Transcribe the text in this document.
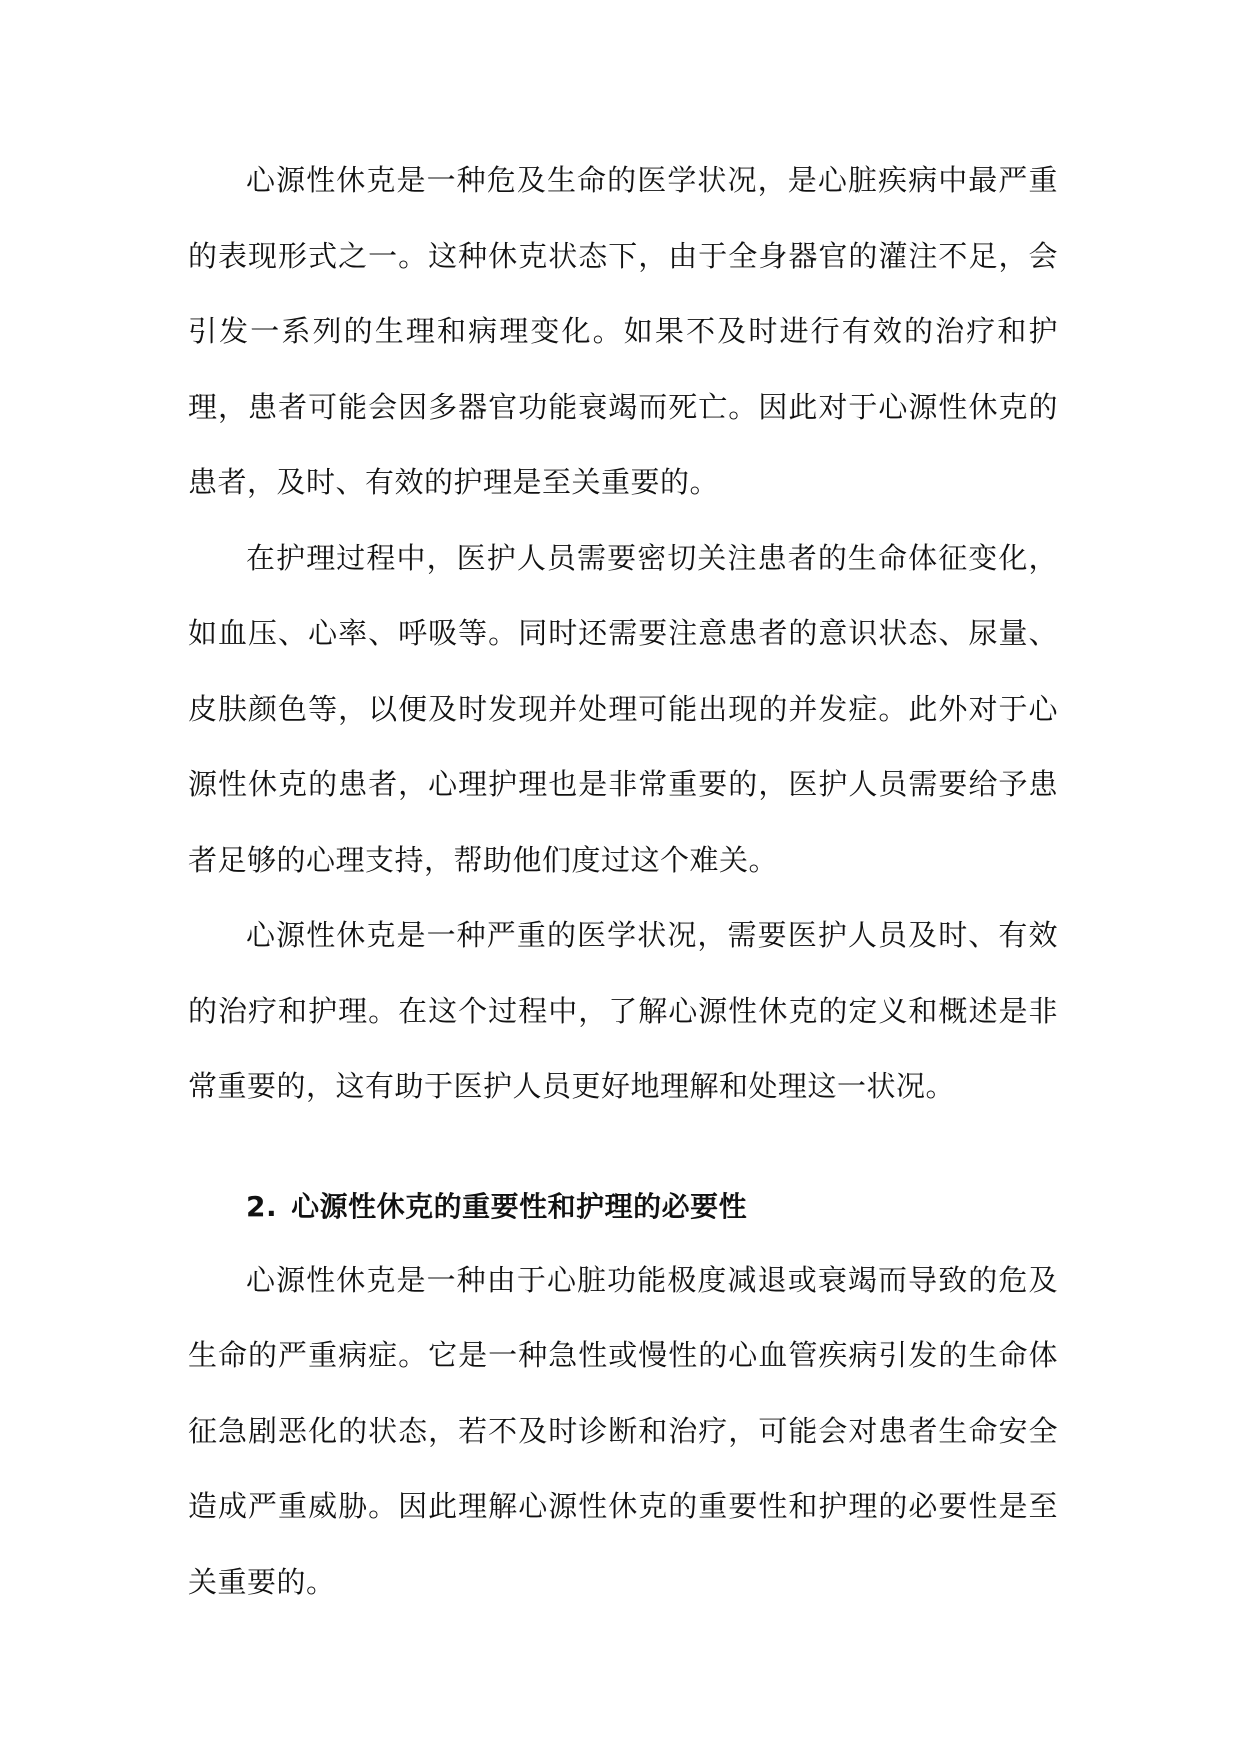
心源性休克是一种危及生命的医学状况，是心脏疾病中最严重的表现形式之一。这种休克状态下，由于全身器官的灌注不足，会引发一系列的生理和病理变化。如果不及时进行有效的治疗和护理，患者可能会因多器官功能衰竭而死亡。因此对于心源性休克的患者，及时、有效的护理是至关重要的。

在护理过程中，医护人员需要密切关注患者的生命体征变化，如血压、心率、呼吸等。同时还需要注意患者的意识状态、尿量、皮肤颜色等，以便及时发现并处理可能出现的并发症。此外对于心源性休克的患者，心理护理也是非常重要的，医护人员需要给予患者足够的心理支持，帮助他们度过这个难关。

心源性休克是一种严重的医学状况，需要医护人员及时、有效的治疗和护理。在这个过程中，了解心源性休克的定义和概述是非常重要的，这有助于医护人员更好地理解和处理这一状况。

2. 心源性休克的重要性和护理的必要性

心源性休克是一种由于心脏功能极度减退或衰竭而导致的危及生命的严重病症。它是一种急性或慢性的心血管疾病引发的生命体征急剧恶化的状态，若不及时诊断和治疗，可能会对患者生命安全造成严重威胁。因此理解心源性休克的重要性和护理的必要性是至关重要的。
